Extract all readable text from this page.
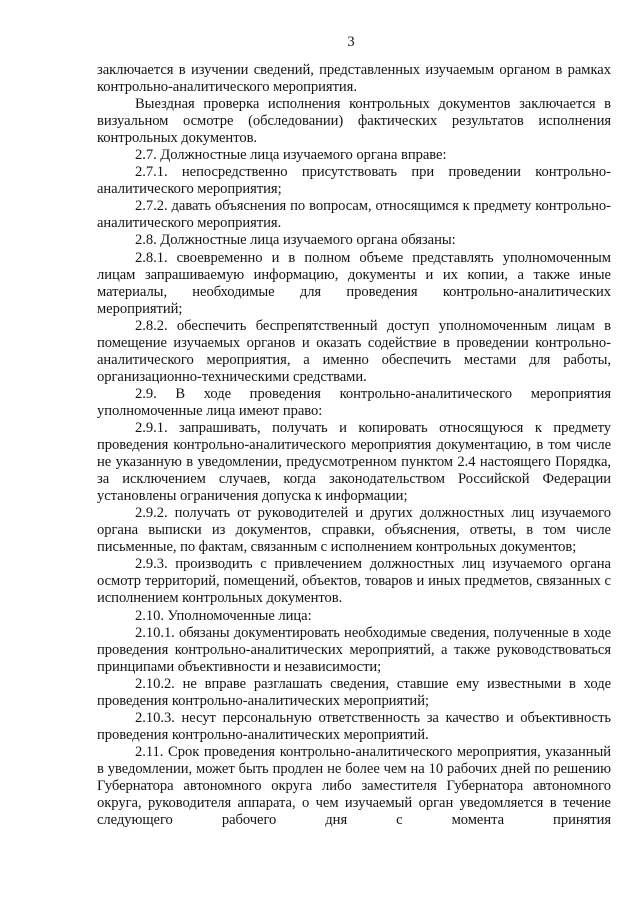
3

заключается в изучении сведений, представленных изучаемым органом в рамках контрольно-аналитического мероприятия.

Выездная проверка исполнения контрольных документов заключается в визуальном осмотре (обследовании) фактических результатов исполнения контрольных документов.

2.7. Должностные лица изучаемого органа вправе:

2.7.1. непосредственно присутствовать при проведении контрольно-аналитического мероприятия;

2.7.2. давать объяснения по вопросам, относящимся к предмету контрольно-аналитического мероприятия.

2.8. Должностные лица изучаемого органа обязаны:

2.8.1. своевременно и в полном объеме представлять уполномоченным лицам запрашиваемую информацию, документы и их копии, а также иные материалы, необходимые для проведения контрольно-аналитических мероприятий;

2.8.2. обеспечить беспрепятственный доступ уполномоченным лицам в помещение изучаемых органов и оказать содействие в проведении контрольно-аналитического мероприятия, а именно обеспечить местами для работы, организационно-техническими средствами.

2.9. В ходе проведения контрольно-аналитического мероприятия уполномоченные лица имеют право:

2.9.1. запрашивать, получать и копировать относящуюся к предмету проведения контрольно-аналитического мероприятия документацию, в том числе не указанную в уведомлении, предусмотренном пунктом 2.4 настоящего Порядка, за исключением случаев, когда законодательством Российской Федерации установлены ограничения допуска к информации;

2.9.2. получать от руководителей и других должностных лиц изучаемого органа выписки из документов, справки, объяснения, ответы, в том числе письменные, по фактам, связанным с исполнением контрольных документов;

2.9.3. производить с привлечением должностных лиц изучаемого органа осмотр территорий, помещений, объектов, товаров и иных предметов, связанных с исполнением контрольных документов.

2.10. Уполномоченные лица:

2.10.1. обязаны документировать необходимые сведения, полученные в ходе проведения контрольно-аналитических мероприятий, а также руководствоваться принципами объективности и независимости;

2.10.2. не вправе разглашать сведения, ставшие ему известными в ходе проведения контрольно-аналитических мероприятий;

2.10.3. несут персональную ответственность за качество и объективность проведения контрольно-аналитических мероприятий.

2.11. Срок проведения контрольно-аналитического мероприятия, указанный в уведомлении, может быть продлен не более чем на 10 рабочих дней по решению Губернатора автономного округа либо заместителя Губернатора автономного округа, руководителя аппарата, о чем изучаемый орган уведомляется в течение следующего рабочего дня с момента принятия
